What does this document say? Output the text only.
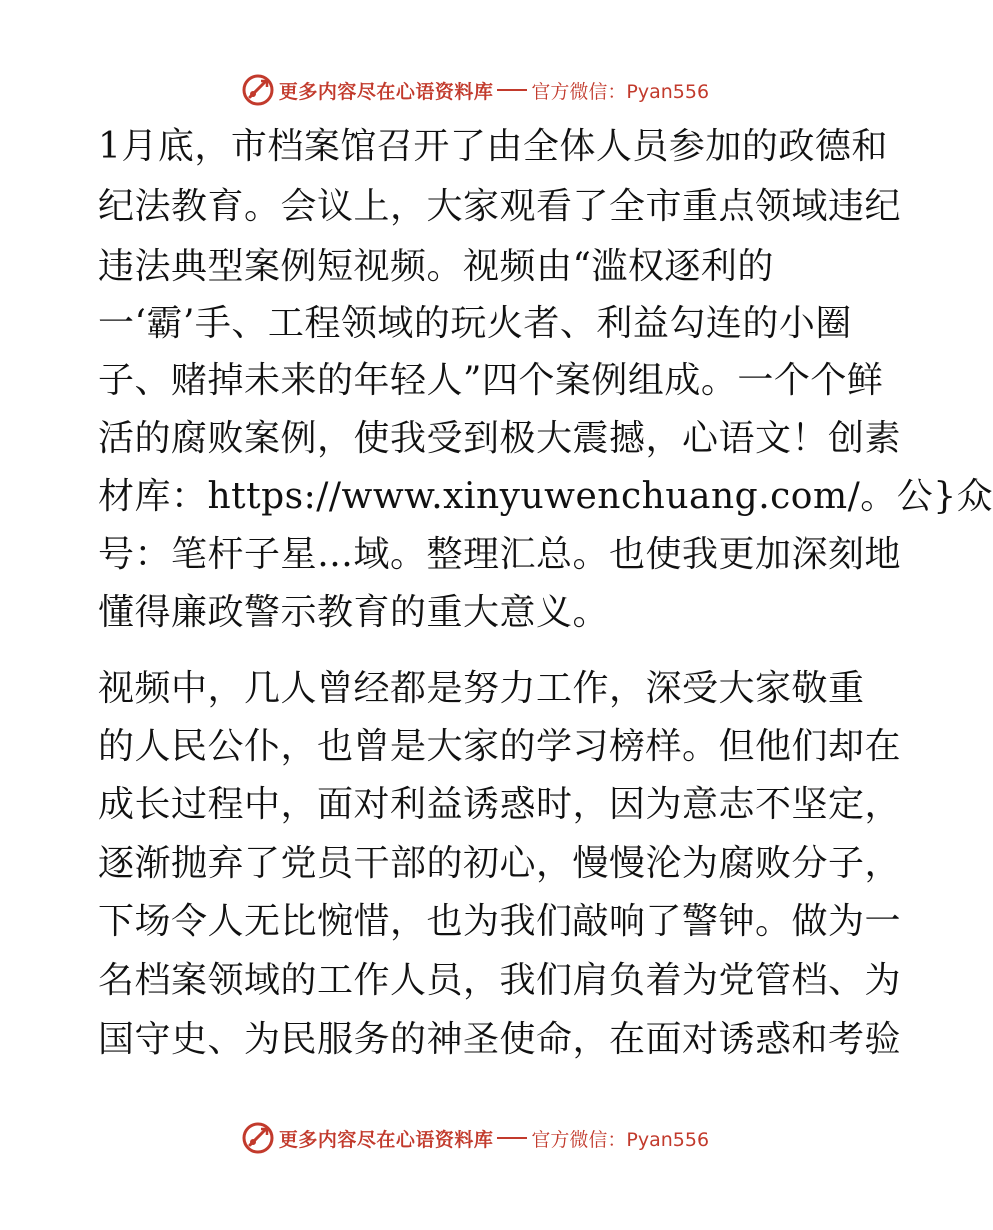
更多内容尽在心语资料库 官方微信：Pyan556
1月底，市档案馆召开了由全体人员参加的政德和
纪法教育。会议上，大家观看了全市重点领域违纪
违法典型案例短视频。视频由“滥权逐利的
一‘霸’手、工程领域的玩火者、利益勾连的小圈
子、赌掉未来的年轻人”四个案例组成。一个个鲜
活的腐败案例，使我受到极大震撼，心语文！创素
材库：https://www.xinyuwenchuang.com/。公}众
号：笔杆子星…域。整理汇总。也使我更加深刻地
懂得廉政警示教育的重大意义。
视频中，几人曾经都是努力工作，深受大家敬重
的人民公仆，也曾是大家的学习榜样。但他们却在
成长过程中，面对利益诱惑时，因为意志不坚定，
逐渐抛弃了党员干部的初心，慢慢沦为腐败分子，
下场令人无比惋惜，也为我们敲响了警钟。做为一
名档案领域的工作人员，我们肩负着为党管档、为
国守史、为民服务的神圣使命，在面对诱惑和考验
更多内容尽在心语资料库 官方微信：Pyan556
